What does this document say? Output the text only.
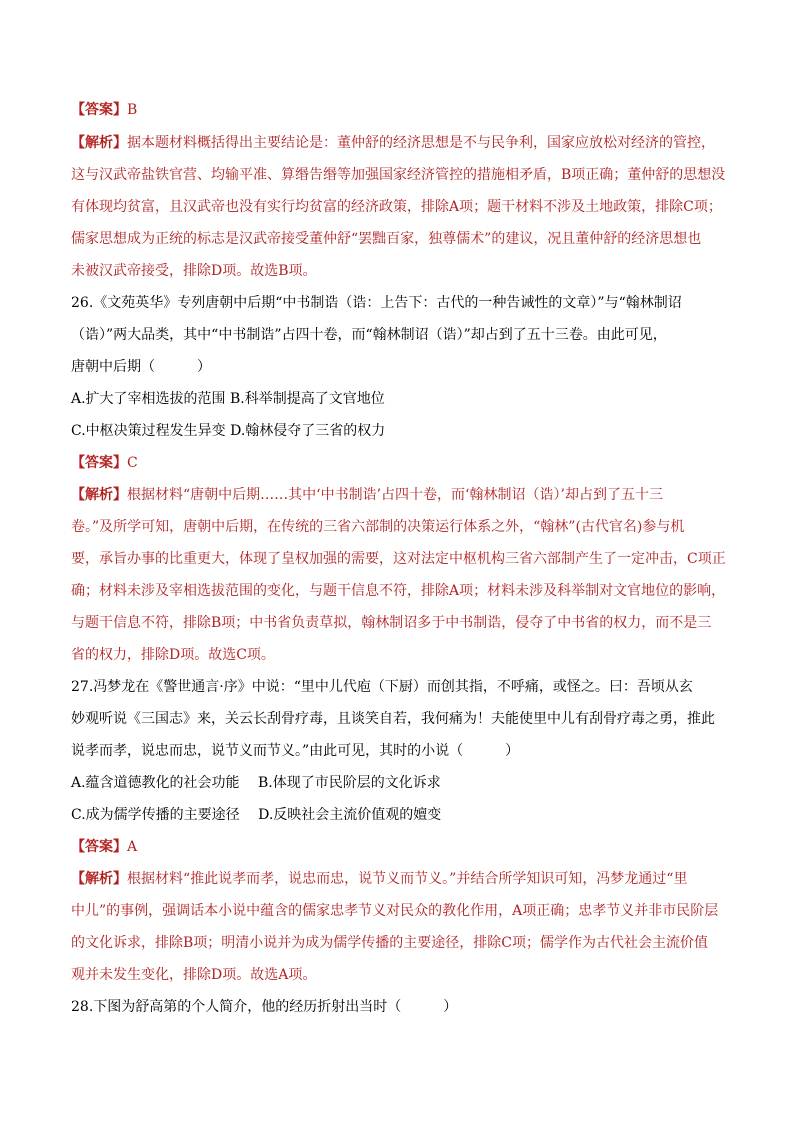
【答案】B
【解析】据本题材料概括得出主要结论是：董仲舒的经济思想是不与民争利，国家应放松对经济的管控，
这与汉武帝盐铁官营、均输平准、算缗告缗等加强国家经济管控的措施相矛盾，B项正确；董仲舒的思想没
有体现均贫富，且汉武帝也没有实行均贫富的经济政策，排除A项；题干材料不涉及土地政策，排除C项；
儒家思想成为正统的标志是汉武帝接受董仲舒“罢黜百家，独尊儒术”的建议，况且董仲舒的经济思想也
未被汉武帝接受，排除D项。故选B项。
26.《文苑英华》专列唐朝中后期“中书制诰（诰：上告下：古代的一种告诫性的文章）”与“翰林制诏
（诰）”两大品类，其中“中书制诰”占四十卷，而“翰林制诏（诰）”却占到了五十三卷。由此可见，
唐朝中后期（　　　）
A.扩大了宰相选拔的范围 B.科举制提高了文官地位
C.中枢决策过程发生异变 D.翰林侵夺了三省的权力
【答案】C
【解析】根据材料“唐朝中后期……其中‘中书制诰’占四十卷，而‘翰林制诏（诰）’却占到了五十三
卷。”及所学可知，唐朝中后期，在传统的三省六部制的决策运行体系之外，“翰林”(古代官名)参与机
要，承旨办事的比重更大，体现了皇权加强的需要，这对法定中枢机构三省六部制产生了一定冲击，C项正
确；材料未涉及宰相选拔范围的变化，与题干信息不符，排除A项；材料未涉及科举制对文官地位的影响，
与题干信息不符，排除B项；中书省负责草拟，翰林制诏多于中书制诰，侵夺了中书省的权力，而不是三
省的权力，排除D项。故选C项。
27.冯梦龙在《警世通言·序》中说：“里中儿代庖（下厨）而创其指，不呼痛，或怪之。曰：吾顷从玄
妙观听说《三国志》来，关云长刮骨疗毒，且谈笑自若，我何痛为！夫能使里中儿有刮骨疗毒之勇，推此
说孝而孝，说忠而忠，说节义而节义。”由此可见，其时的小说（　　　）
A.蕴含道德教化的社会功能　 B.体现了市民阶层的文化诉求
C.成为儒学传播的主要途径　 D.反映社会主流价值观的嬗变
【答案】A
【解析】根据材料“推此说孝而孝，说忠而忠，说节义而节义。”并结合所学知识可知，冯梦龙通过“里
中儿”的事例，强调话本小说中蕴含的儒家忠孝节义对民众的教化作用，A项正确；忠孝节义并非市民阶层
的文化诉求，排除B项；明清小说并为成为儒学传播的主要途径，排除C项；儒学作为古代社会主流价值
观并未发生变化，排除D项。故选A项。
28.下图为舒高第的个人简介，他的经历折射出当时（　　　）
